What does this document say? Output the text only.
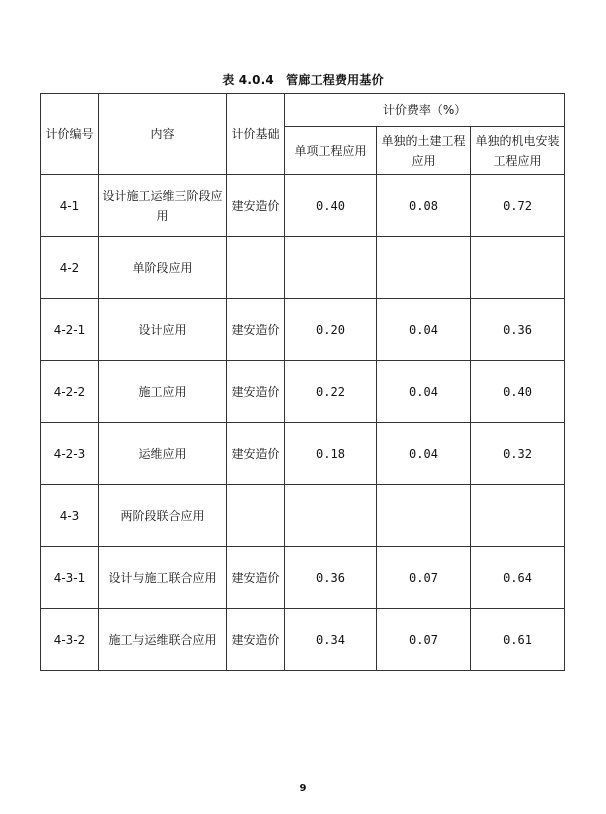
表 4.0.4　管廊工程费用基价
计价编号	内容	计价基础	计价费率（%）		
			单项工程应用	单独的土建工程应用	单独的机电安装工程应用
4-1	设计施工运维三阶段应用	建安造价	0.40	0.08	0.72
4-2	单阶段应用				
4-2-1	设计应用	建安造价	0.20	0.04	0.36
4-2-2	施工应用	建安造价	0.22	0.04	0.40
4-2-3	运维应用	建安造价	0.18	0.04	0.32
4-3	两阶段联合应用				
4-3-1	设计与施工联合应用	建安造价	0.36	0.07	0.64
4-3-2	施工与运维联合应用	建安造价	0.34	0.07	0.61
9
